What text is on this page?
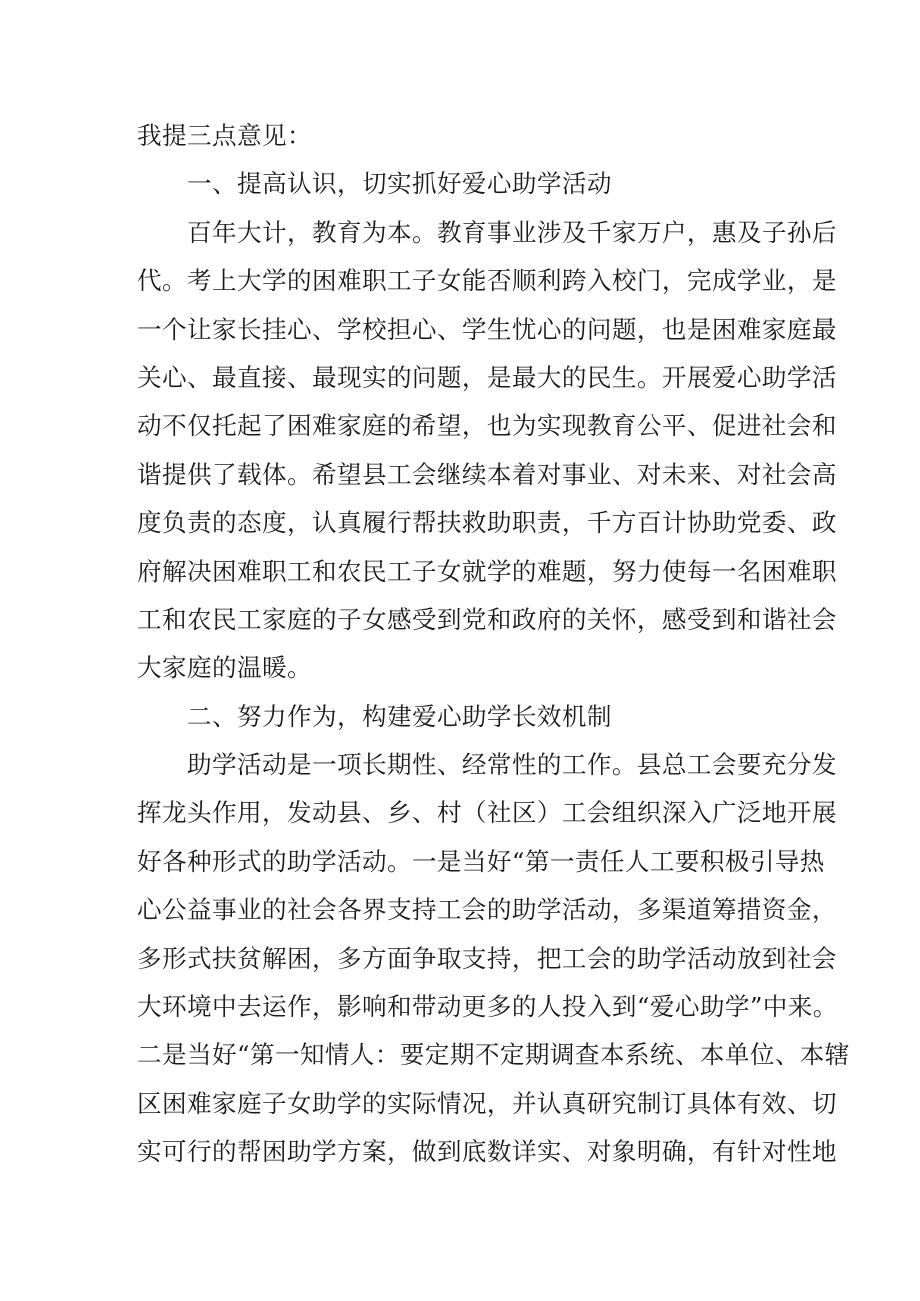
我提三点意见：
一、提高认识，切实抓好爱心助学活动
百年大计，教育为本。教育事业涉及千家万户，惠及子孙后
代。考上大学的困难职工子女能否顺利跨入校门，完成学业，是
一个让家长挂心、学校担心、学生忧心的问题，也是困难家庭最
关心、最直接、最现实的问题，是最大的民生。开展爱心助学活
动不仅托起了困难家庭的希望，也为实现教育公平、促进社会和
谐提供了载体。希望县工会继续本着对事业、对未来、对社会高
度负责的态度，认真履行帮扶救助职责，千方百计协助党委、政
府解决困难职工和农民工子女就学的难题，努力使每一名困难职
工和农民工家庭的子女感受到党和政府的关怀，感受到和谐社会
大家庭的温暖。
二、努力作为，构建爱心助学长效机制
助学活动是一项长期性、经常性的工作。县总工会要充分发
挥龙头作用，发动县、乡、村（社区）工会组织深入广泛地开展
好各种形式的助学活动。一是当好“第一责任人工要积极引导热
心公益事业的社会各界支持工会的助学活动，多渠道筹措资金，
多形式扶贫解困，多方面争取支持，把工会的助学活动放到社会
大环境中去运作，影响和带动更多的人投入到“爱心助学”中来。
二是当好“第一知情人：要定期不定期调查本系统、本单位、本辖
区困难家庭子女助学的实际情况，并认真研究制订具体有效、切
实可行的帮困助学方案，做到底数详实、对象明确，有针对性地
